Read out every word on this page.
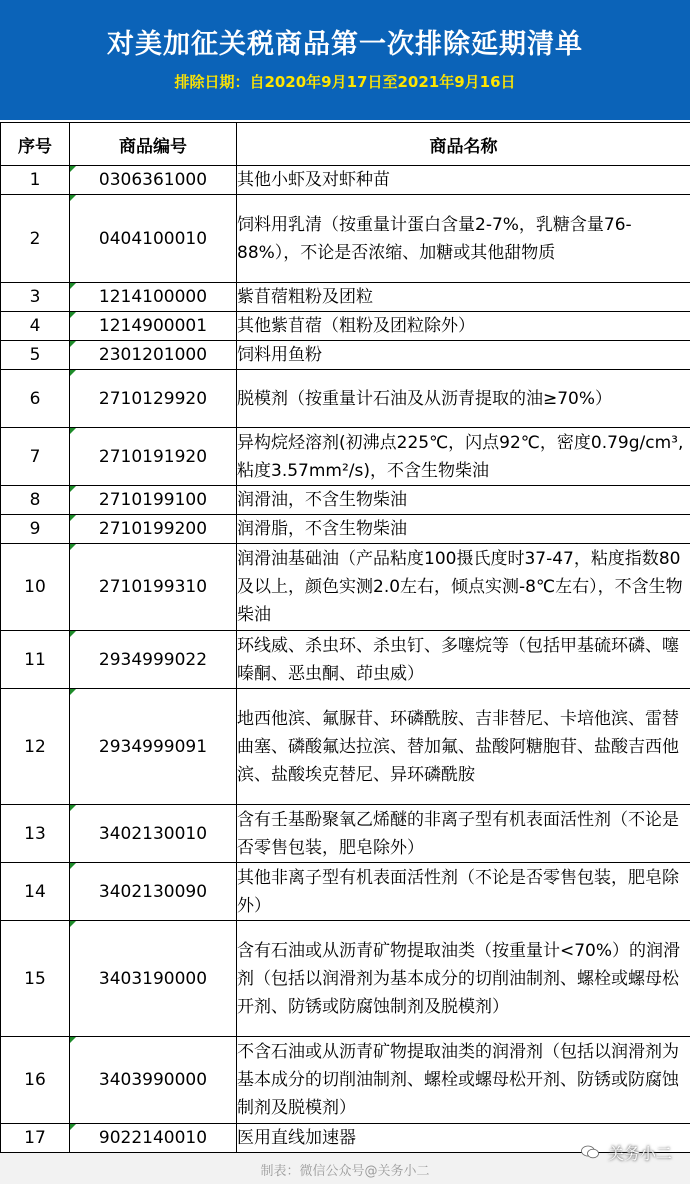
对美加征关税商品第一次排除延期清单
排除日期：自2020年9月17日至2021年9月16日
序号	商品编号	商品名称
1	0306361000	其他小虾及对虾种苗
2	0404100010	饲料用乳清（按重量计蛋白含量2-7%，乳糖含量76-88%），不论是否浓缩、加糖或其他甜物质
3	1214100000	紫苜蓿粗粉及团粒
4	1214900001	其他紫苜蓿（粗粉及团粒除外）
5	2301201000	饲料用鱼粉
6	2710129920	脱模剂（按重量计石油及从沥青提取的油≥70%）
7	2710191920	异构烷烃溶剂(初沸点225℃，闪点92℃，密度0.79g/cm³,粘度3.57mm²/s)，不含生物柴油
8	2710199100	润滑油，不含生物柴油
9	2710199200	润滑脂，不含生物柴油
10	2710199310	润滑油基础油（产品粘度100摄氏度时37-47，粘度指数80及以上，颜色实测2.0左右，倾点实测-8℃左右），不含生物柴油
11	2934999022	环线威、杀虫环、杀虫钉、多噻烷等（包括甲基硫环磷、噻嗪酮、恶虫酮、茚虫威）
12	2934999091	地西他滨、氟脲苷、环磷酰胺、吉非替尼、卡培他滨、雷替曲塞、磷酸氟达拉滨、替加氟、盐酸阿糖胞苷、盐酸吉西他滨、盐酸埃克替尼、异环磷酰胺
13	3402130010	含有壬基酚聚氧乙烯醚的非离子型有机表面活性剂（不论是否零售包装，肥皂除外）
14	3402130090	其他非离子型有机表面活性剂（不论是否零售包装，肥皂除外）
15	3403190000	含有石油或从沥青矿物提取油类（按重量计<70%）的润滑剂（包括以润滑剂为基本成分的切削油制剂、螺栓或螺母松开剂、防锈或防腐蚀制剂及脱模剂）
16	3403990000	不含石油或从沥青矿物提取油类的润滑剂（包括以润滑剂为基本成分的切削油制剂、螺栓或螺母松开剂、防锈或防腐蚀制剂及脱模剂）
17	9022140010	医用直线加速器
制表：微信公众号@关务小二
关务小二
